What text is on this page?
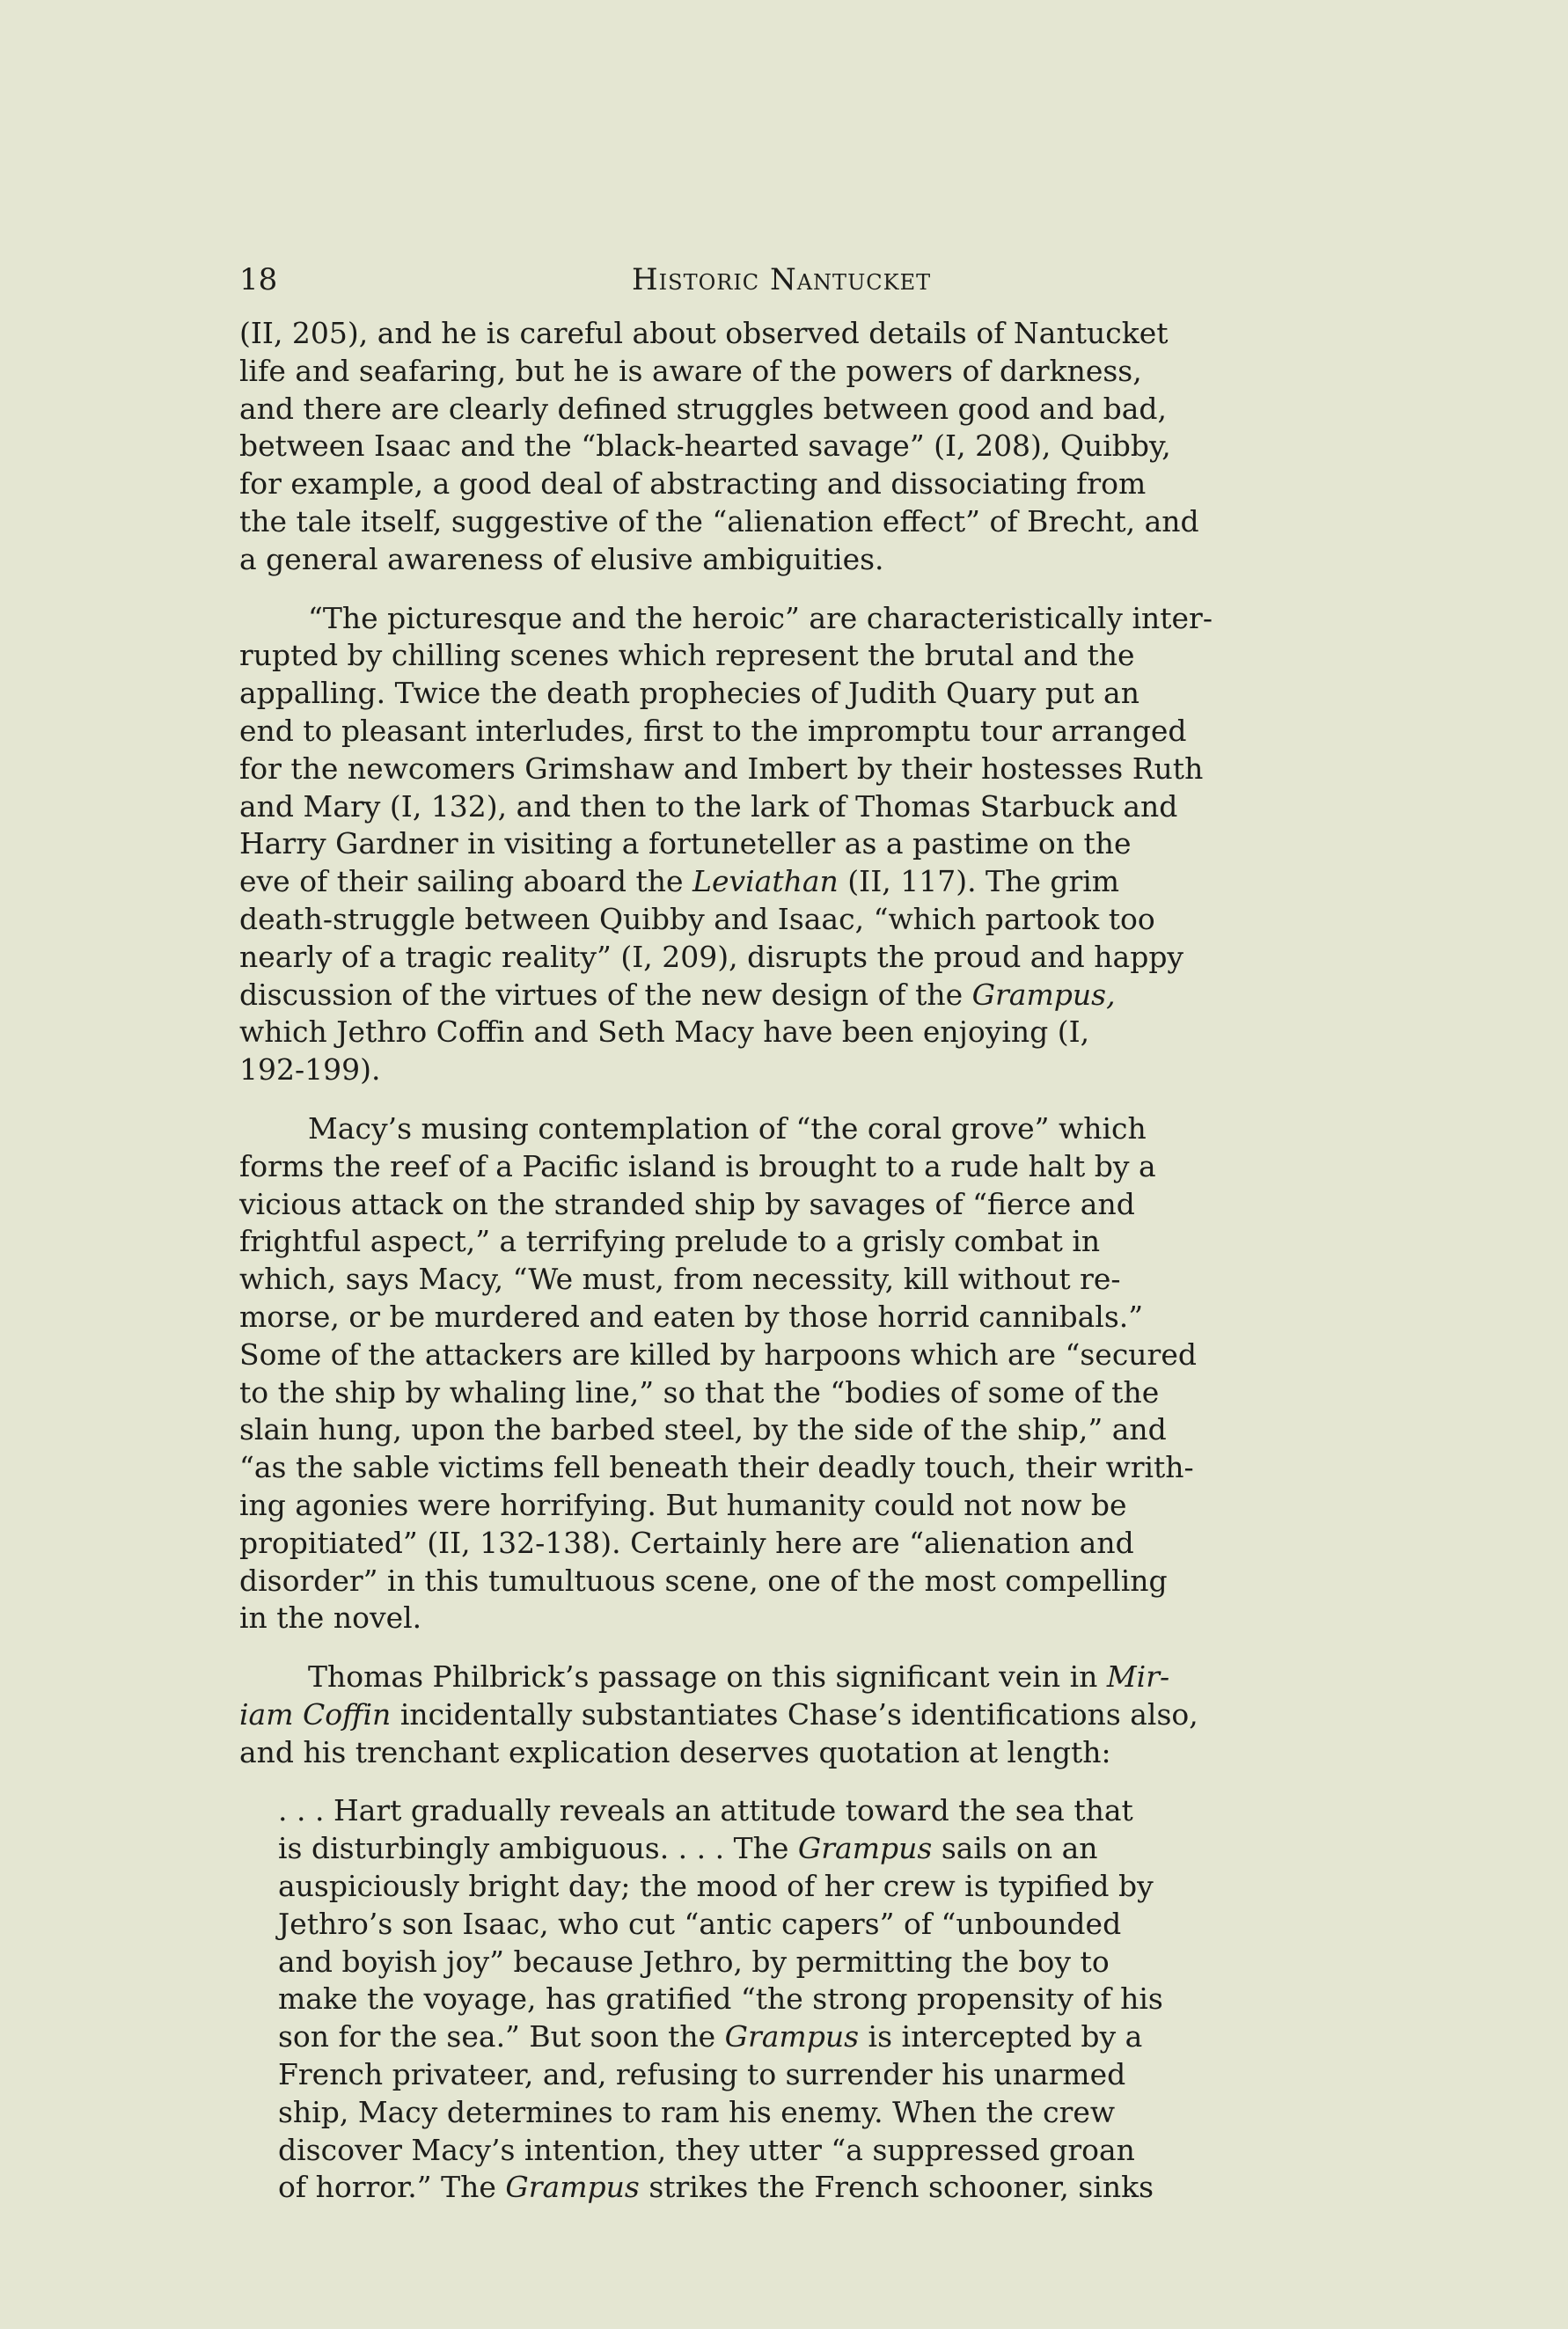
18	Historic Nantucket
(II, 205), and he is careful about observed details of Nantucket
life and seafaring, but he is aware of the powers of darkness,
and there are clearly defined struggles between good and bad,
between Isaac and the “black-hearted savage” (I, 208), Quibby,
for example, a good deal of abstracting and dissociating from
the tale itself, suggestive of the “alienation effect” of Brecht, and
a general awareness of elusive ambiguities.
“The picturesque and the heroic” are characteristically inter-
rupted by chilling scenes which represent the brutal and the
appalling. Twice the death prophecies of Judith Quary put an
end to pleasant interludes, first to the impromptu tour arranged
for the newcomers Grimshaw and Imbert by their hostesses Ruth
and Mary (I, 132), and then to the lark of Thomas Starbuck and
Harry Gardner in visiting a fortuneteller as a pastime on the
eve of their sailing aboard the Leviathan (II, 117). The grim
death-struggle between Quibby and Isaac, “which partook too
nearly of a tragic reality” (I, 209), disrupts the proud and happy
discussion of the virtues of the new design of the Grampus,
which Jethro Coffin and Seth Macy have been enjoying (I,
192-199).
Macy’s musing contemplation of “the coral grove” which
forms the reef of a Pacific island is brought to a rude halt by a
vicious attack on the stranded ship by savages of “fierce and
frightful aspect,” a terrifying prelude to a grisly combat in
which, says Macy, “We must, from necessity, kill without re-
morse, or be murdered and eaten by those horrid cannibals.”
Some of the attackers are killed by harpoons which are “secured
to the ship by whaling line,” so that the “bodies of some of the
slain hung, upon the barbed steel, by the side of the ship,” and
“as the sable victims fell beneath their deadly touch, their writh-
ing agonies were horrifying. But humanity could not now be
propitiated” (II, 132-138). Certainly here are “alienation and
disorder” in this tumultuous scene, one of the most compelling
in the novel.
Thomas Philbrick’s passage on this significant vein in Mir-
iam Coffin incidentally substantiates Chase’s identifications also,
and his trenchant explication deserves quotation at length:
. . . Hart gradually reveals an attitude toward the sea that
is disturbingly ambiguous. . . . The Grampus sails on an
auspiciously bright day; the mood of her crew is typified by
Jethro’s son Isaac, who cut “antic capers” of “unbounded
and boyish joy” because Jethro, by permitting the boy to
make the voyage, has gratified “the strong propensity of his
son for the sea.” But soon the Grampus is intercepted by a
French privateer, and, refusing to surrender his unarmed
ship, Macy determines to ram his enemy. When the crew
discover Macy’s intention, they utter “a suppressed groan
of horror.” The Grampus strikes the French schooner, sinks
